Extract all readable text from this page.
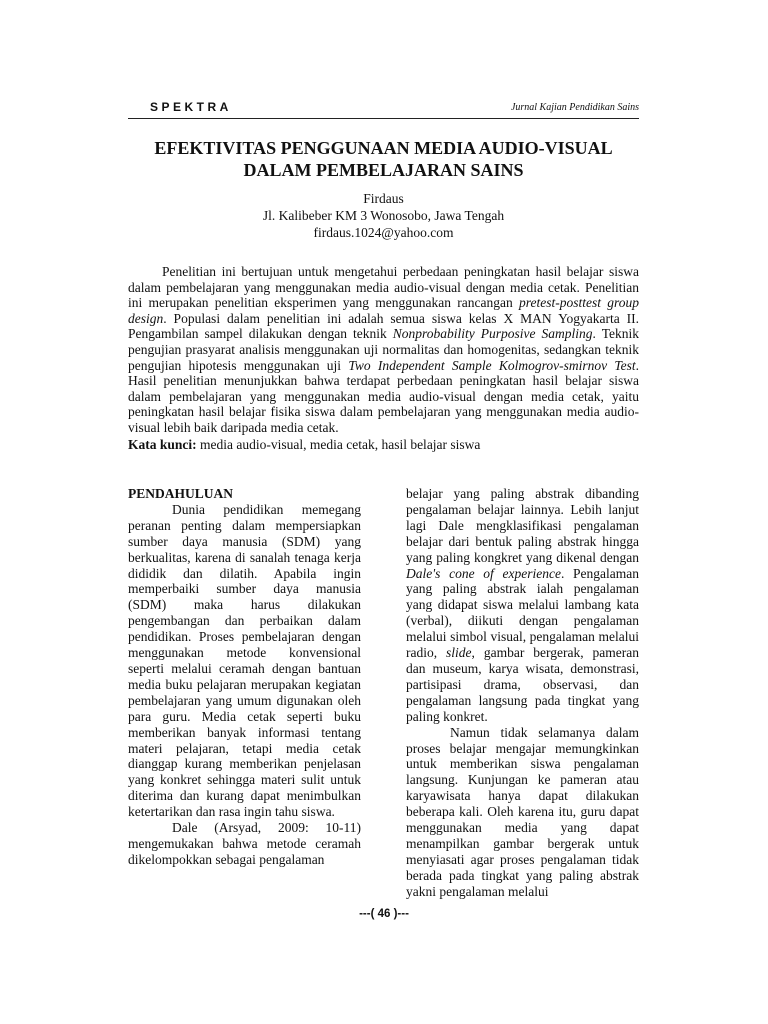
SPEKTRA	Jurnal Kajian Pendidikan Sains
EFEKTIVITAS PENGGUNAAN MEDIA AUDIO-VISUAL
DALAM PEMBELAJARAN SAINS
Firdaus
Jl. Kalibeber KM 3 Wonosobo, Jawa Tengah
firdaus.1024@yahoo.com

Penelitian ini bertujuan untuk mengetahui perbedaan peningkatan hasil belajar siswa dalam pembelajaran yang menggunakan media audio-visual dengan media cetak. Penelitian ini merupakan penelitian eksperimen yang menggunakan rancangan pretest-posttest group design. Populasi dalam penelitian ini adalah semua siswa kelas X MAN Yogyakarta II. Pengambilan sampel dilakukan dengan teknik Nonprobability Purposive Sampling. Teknik pengujian prasyarat analisis menggunakan uji normalitas dan homogenitas, sedangkan teknik pengujian hipotesis menggunakan uji Two Independent Sample Kolmogrov-smirnov Test. Hasil penelitian menunjukkan bahwa terdapat perbedaan peningkatan hasil belajar siswa dalam pembelajaran yang menggunakan media audio-visual dengan media cetak, yaitu peningkatan hasil belajar fisika siswa dalam pembelajaran yang menggunakan media audio-visual lebih baik daripada media cetak.

Kata kunci: media audio-visual, media cetak, hasil belajar siswa

PENDAHULUAN

Dunia pendidikan memegang peranan penting dalam mempersiapkan sumber daya manusia (SDM) yang berkualitas, karena di sanalah tenaga kerja dididik dan dilatih. Apabila ingin memperbaiki sumber daya manusia (SDM) maka harus dilakukan pengembangan dan perbaikan dalam pendidikan. Proses pembelajaran dengan menggunakan metode konvensional seperti melalui ceramah dengan bantuan media buku pelajaran merupakan kegiatan pembelajaran yang umum digunakan oleh para guru. Media cetak seperti buku memberikan banyak informasi tentang materi pelajaran, tetapi media cetak dianggap kurang memberikan penjelasan yang konkret sehingga materi sulit untuk diterima dan kurang dapat menimbulkan ketertarikan dan rasa ingin tahu siswa.

Dale (Arsyad, 2009: 10-11) mengemukakan bahwa metode ceramah dikelompokkan sebagai pengalaman

belajar yang paling abstrak dibanding pengalaman belajar lainnya. Lebih lanjut lagi Dale mengklasifikasi pengalaman belajar dari bentuk paling abstrak hingga yang paling kongkret yang dikenal dengan Dale's cone of experience. Pengalaman yang paling abstrak ialah pengalaman yang didapat siswa melalui lambang kata (verbal), diikuti dengan pengalaman melalui simbol visual, pengalaman melalui radio, slide, gambar bergerak, pameran dan museum, karya wisata, demonstrasi, partisipasi drama, observasi, dan pengalaman langsung pada tingkat yang paling konkret.

Namun tidak selamanya dalam proses belajar mengajar memungkinkan untuk memberikan siswa pengalaman langsung. Kunjungan ke pameran atau karyawisata hanya dapat dilakukan beberapa kali. Oleh karena itu, guru dapat menggunakan media yang dapat menampilkan gambar bergerak untuk menyiasati agar proses pengalaman tidak berada pada tingkat yang paling abstrak yakni pengalaman melalui

---( 46 )---
